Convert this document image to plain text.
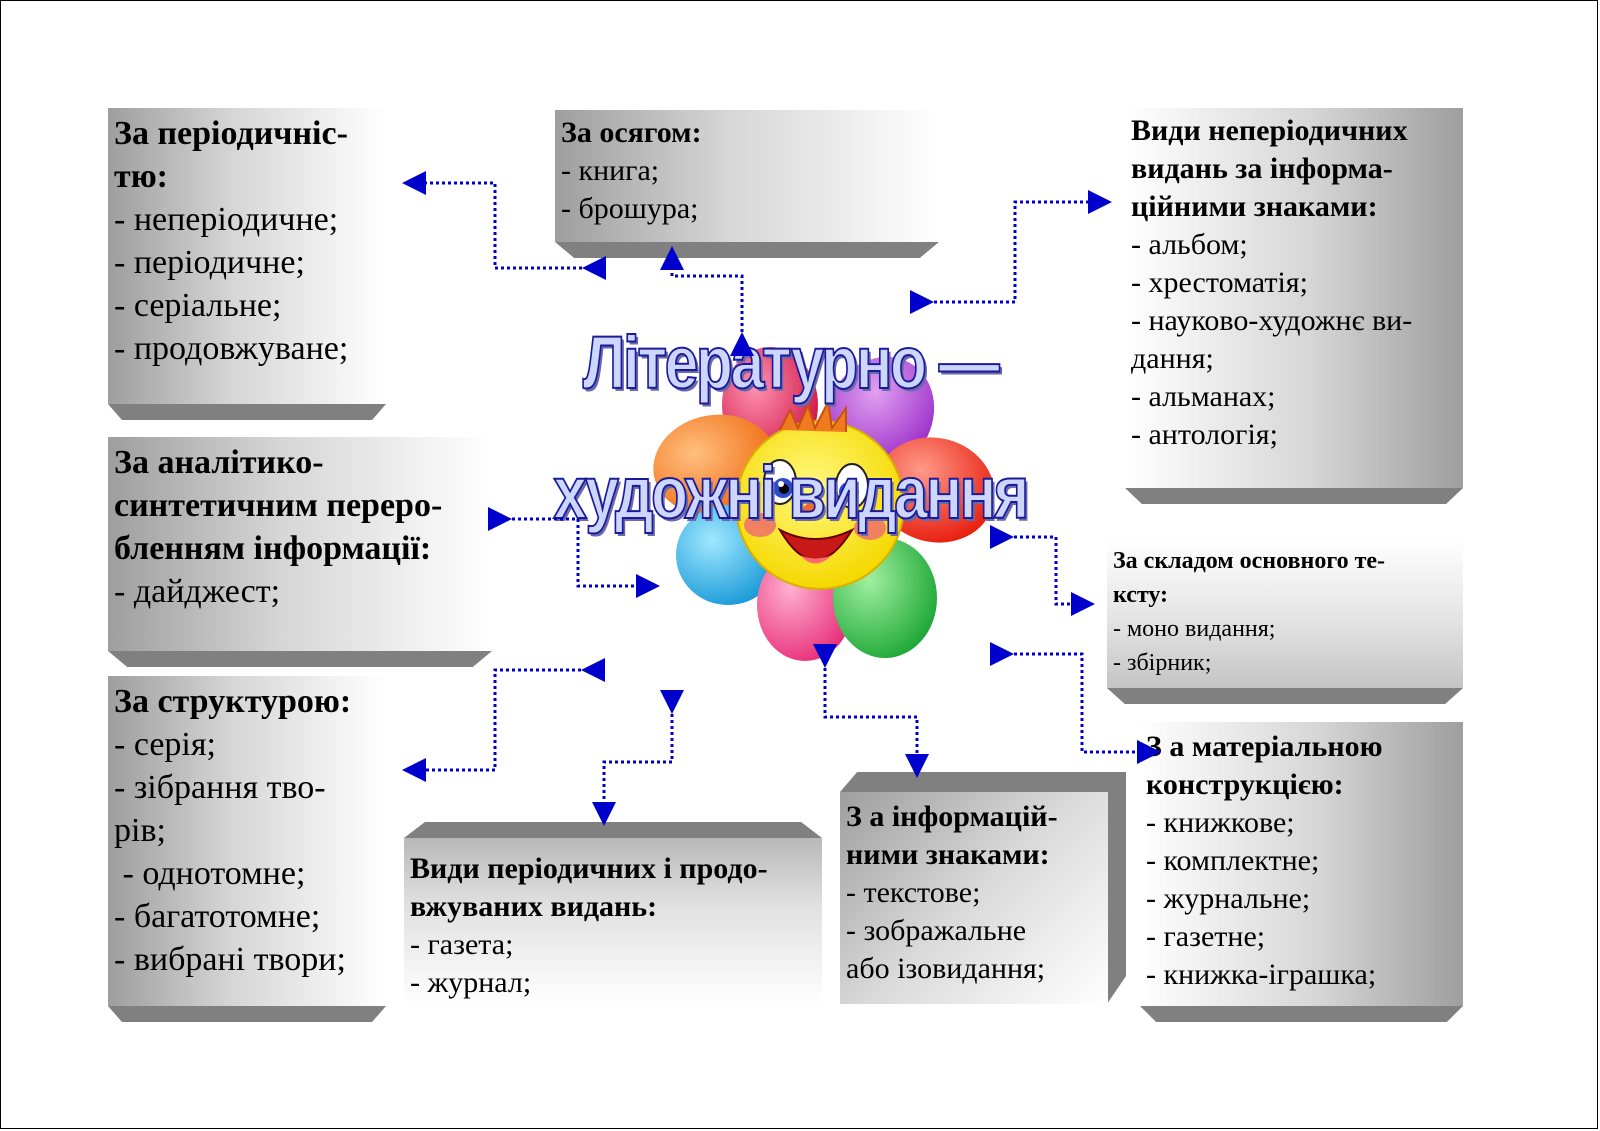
За періодичніс-
тю:
- неперіодичне;
- періодичне;
- серіальне;
- продовжуване;
За осягом:
- книга;
- брошура;
Види неперіодичних
видань за інформа-
ційними знаками:
- альбом;
- хрестоматія;
- науково-художнє ви-
дання;
- альманах;
- антологія;
За аналітико-
синтетичним переро-
бленням інформації:
- дайджест;
За складом основного те-
ксту:
- моно видання;
- збірник;
За структурою:
- серія;
- зібрання тво-
рів;
- однотомне;
- багатотомне;
- вибрані твори;
Види періодичних і продо-
вжуваних видань:
- газета;
- журнал;
З а інформацій-
ними знаками:
- текстове;
- зображальне
або ізовидання;
З а матеріальною
конструкцією:
- книжкове;
- комплектне;
- журнальне;
- газетне;
- книжка-іграшка;
Літературно — художні видання
